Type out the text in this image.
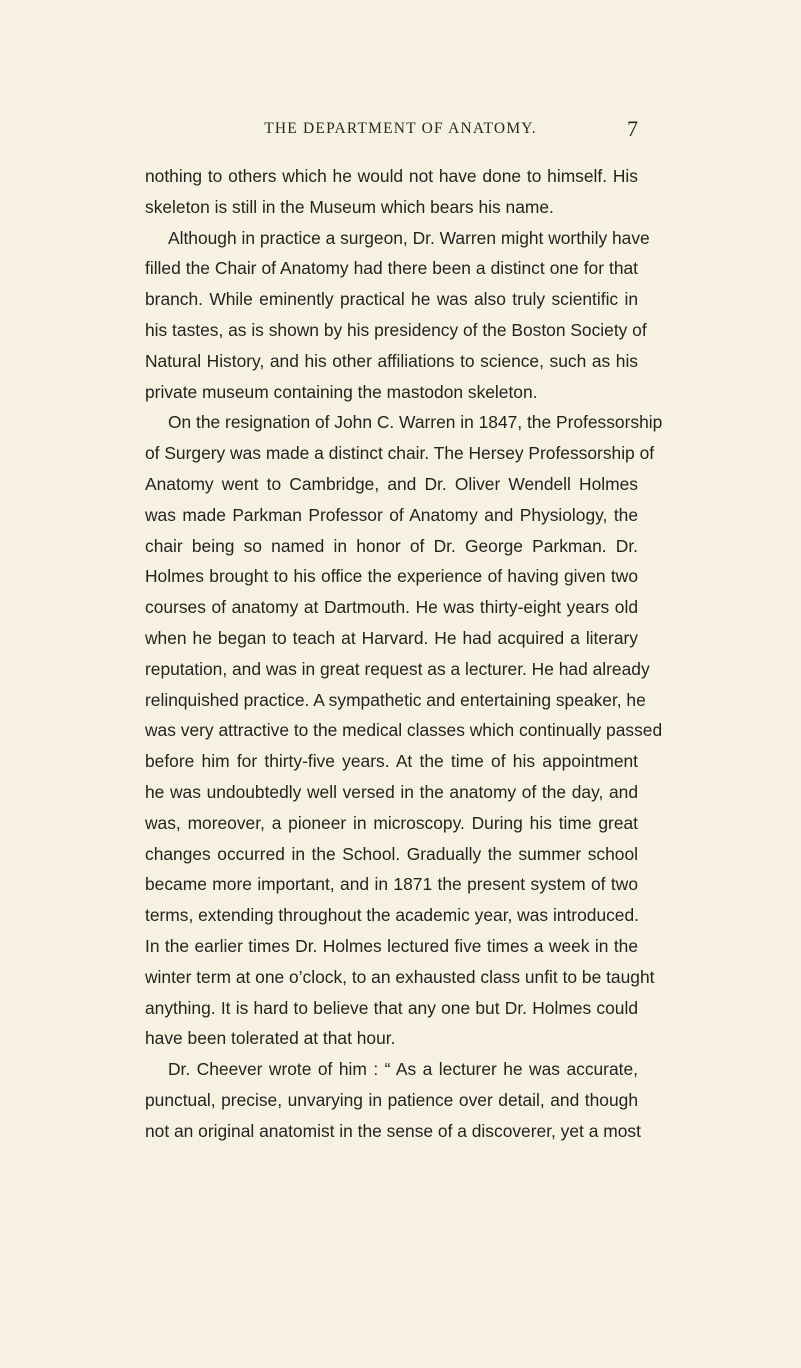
THE DEPARTMENT OF ANATOMY.	7
nothing to others which he would not have done to himself. His
skeleton is still in the Museum which bears his name.
Although in practice a surgeon, Dr. Warren might worthily have
filled the Chair of Anatomy had there been a distinct one for that
branch. While eminently practical he was also truly scientific in
his tastes, as is shown by his presidency of the Boston Society of
Natural History, and his other affiliations to science, such as his
private museum containing the mastodon skeleton.
On the resignation of John C. Warren in 1847, the Professorship
of Surgery was made a distinct chair. The Hersey Professorship of
Anatomy went to Cambridge, and Dr. Oliver Wendell Holmes
was made Parkman Professor of Anatomy and Physiology, the
chair being so named in honor of Dr. George Parkman. Dr.
Holmes brought to his office the experience of having given two
courses of anatomy at Dartmouth. He was thirty-eight years old
when he began to teach at Harvard. He had acquired a literary
reputation, and was in great request as a lecturer. He had already
relinquished practice. A sympathetic and entertaining speaker, he
was very attractive to the medical classes which continually passed
before him for thirty-five years. At the time of his appointment
he was undoubtedly well versed in the anatomy of the day, and
was, moreover, a pioneer in microscopy. During his time great
changes occurred in the School. Gradually the summer school
became more important, and in 1871 the present system of two
terms, extending throughout the academic year, was introduced.
In the earlier times Dr. Holmes lectured five times a week in the
winter term at one o’clock, to an exhausted class unfit to be taught
anything. It is hard to believe that any one but Dr. Holmes could
have been tolerated at that hour.
Dr. Cheever wrote of him : “ As a lecturer he was accurate,
punctual, precise, unvarying in patience over detail, and though
not an original anatomist in the sense of a discoverer, yet a most
